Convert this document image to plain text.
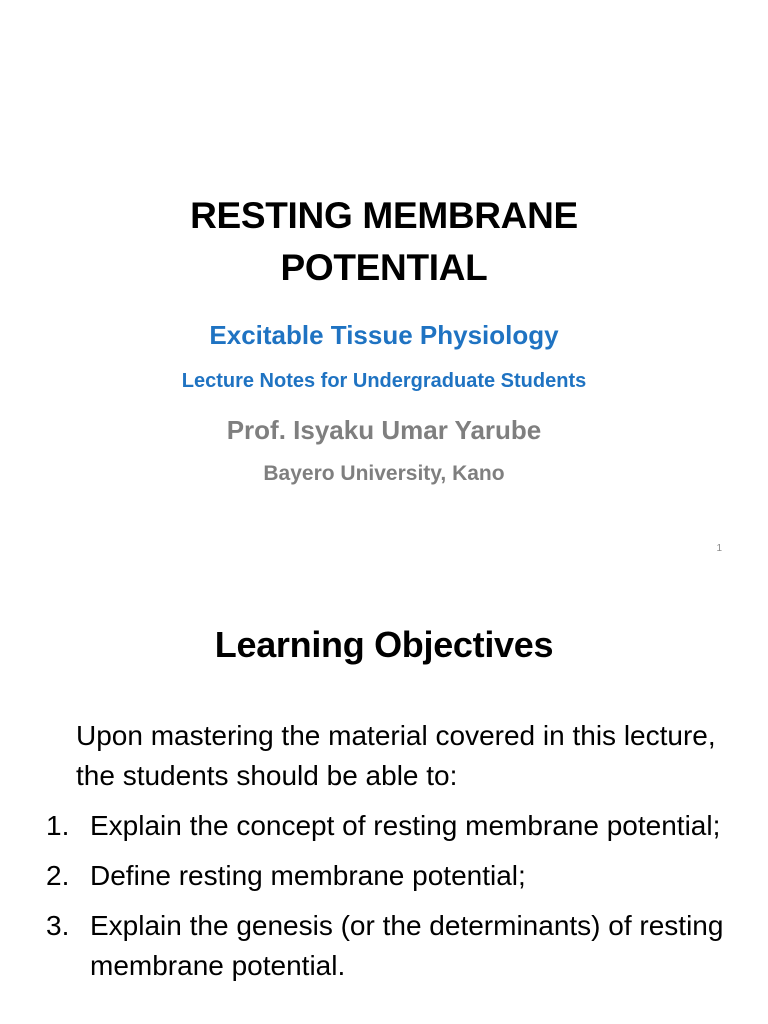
RESTING MEMBRANE
POTENTIAL
Excitable Tissue Physiology
Lecture Notes for Undergraduate Students
Prof. Isyaku Umar Yarube
Bayero University, Kano
1
Learning Objectives
Upon mastering the material covered in this lecture, the students should be able to:
1. Explain the concept of resting membrane potential;
2. Define resting membrane potential;
3. Explain the genesis (or the determinants) of resting membrane potential.
